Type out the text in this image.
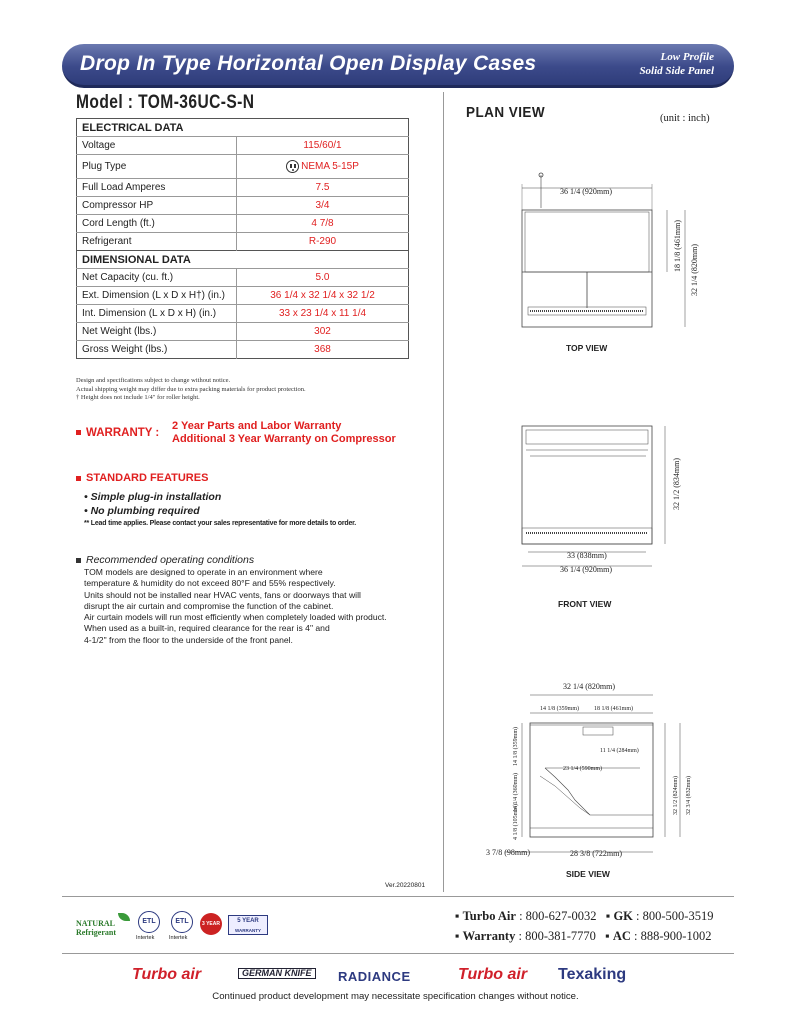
Drop In Type Horizontal Open Display Cases	Low Profile
Solid Side Panel
Model : TOM-36UC-S-N
ELECTRICAL DATA	
Voltage	115/60/1
Plug Type	NEMA 5-15P
Full Load Amperes	7.5
Compressor HP	3/4
Cord Length (ft.)	4 7/8
Refrigerant	R-290
DIMENSIONAL DATA	
Net Capacity (cu. ft.)	5.0
Ext. Dimension (L x D x H†) (in.)	36 1/4 x 32 1/4 x 32 1/2
Int. Dimension (L x D x H) (in.)	33 x 23 1/4 x 11 1/4
Net Weight (lbs.)	302
Gross Weight (lbs.)	368
Design and specifications subject to change without notice.
Actual shipping weight may differ due to extra packing materials for product protection.
† Height does not include 1/4" for roller height.
WARRANTY :
2 Year Parts and Labor Warranty
Additional 3 Year Warranty on Compressor
STANDARD FEATURES
• Simple plug-in installation
• No plumbing required
** Lead time applies. Please contact your sales representative for more details to order.
Recommended operating conditions
TOM models are designed to operate in an environment where
temperature & humidity do not exceed 80°F and 55% respectively.
Units should not be installed near HVAC vents, fans or doorways that will
disrupt the air curtain and compromise the function of the cabinet.
Air curtain models will run most efficiently when completely loaded with product.
When used as a built-in, required clearance for the rear is 4" and
4-1/2" from the floor to the underside of the front panel.
PLAN VIEW	(unit : inch)
36 1/4 (920mm)
18 1/8 (461mm) 32 1/4 (820mm)
32 1/2 (834mm)
33 (838mm)
36 1/4 (920mm)
32 1/4 (820mm)
14 1/8 (359mm)	18 1/8 (461mm)
11 1/4 (284mm)
23 1/4 (590mm)
14 1/8 (359mm)
14 1/4 (360mm)
4 1/8 (105mm)
32 1/2 (824mm) 32 3/4 (832mm)
3 7/8 (98mm)	28 3/8 (722mm)
TOP VIEW
FRONT VIEW
SIDE VIEW
Ver.20220801
NATURAL
Refrigerant
ETL
Intertek
ETL
Intertek
3 YEAR	5 YEAR
WARRANTY
▪ Turbo Air : 800-627-0032   ▪ GK : 800-500-3519
▪ Warranty : 800-381-7770   ▪ AC : 888-900-1002
Turbo air	GERMAN KNIFE	RADIANCE	Turbo air Texaking
Continued product development may necessitate specification changes without notice.
